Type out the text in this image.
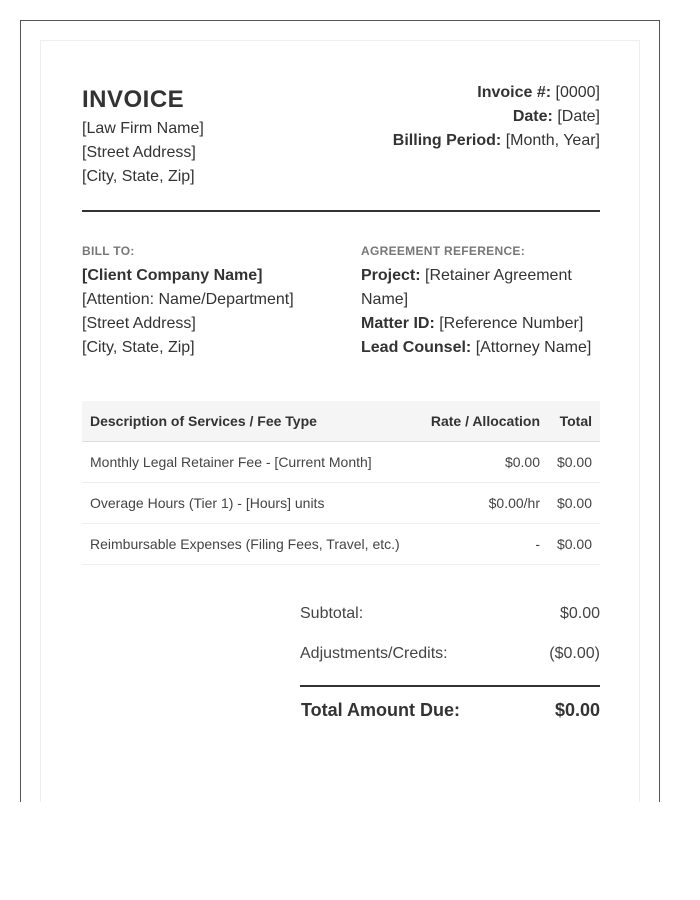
INVOICE
[Law Firm Name]
[Street Address]
[City, State, Zip]
Invoice #: [0000]
Date: [Date]
Billing Period: [Month, Year]
BILL TO:
[Client Company Name]
[Attention: Name/Department]
[Street Address]
[City, State, Zip]
AGREEMENT REFERENCE:
Project: [Retainer Agreement
Name]
Matter ID: [Reference Number]
Lead Counsel: [Attorney Name]
Description of Services / Fee Type	Rate / Allocation Total
Monthly Legal Retainer Fee - [Current Month]	$0.00 $0.00
Overage Hours (Tier 1) - [Hours] units	$0.00/hr $0.00
Reimbursable Expenses (Filing Fees, Travel, etc.)	- $0.00
Subtotal:	$0.00
Adjustments/Credits:	($0.00)
Total Amount Due:	$0.00
